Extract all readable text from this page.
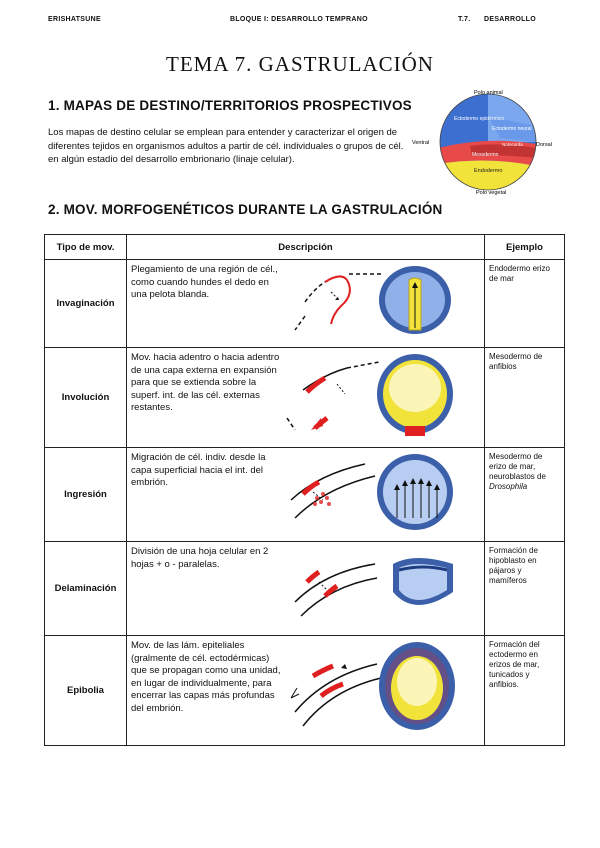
ERISHATSUNE	BLOQUE I: DESARROLLO TEMPRANO	T.7. DESARROLLO
TEMA 7. GASTRULACIÓN
1. MAPAS DE DESTINO/TERRITORIOS PROSPECTIVOS
Los mapas de destino celular se emplean para entender y caracterizar el origen de diferentes tejidos en organismos adultos a partir de cél. individuales o grupos de cél. en algún estadio del desarrollo embrionario (linaje celular).
Polo animal
Polo vegetal
Ventral	Dorsal
Ectodermo epidérmico
Ectodermo neural
Notocorda
Mesodermo
Endodermo
2. MOV. MORFOGENÉTICOS DURANTE LA GASTRULACIÓN
Tipo de mov.	Descripción	Ejemplo
Invaginación	Plegamiento de una región de cél., como cuando hundes el dedo en una pelota blanda.	Endodermo erizo de mar
Involución	Mov. hacia adentro o hacia adentro de una capa externa en expansión para que se extienda sobre la superf. int. de las cél. externas restantes.	Mesodermo de anfibios
Ingresión	Migración de cél. indiv. desde la capa superficial hacia el int. del embrión.	Mesodermo de erizo de mar, neuroblastos de Drosophila
Delaminación	División de una hoja celular en 2 hojas + o - paralelas.	Formación de hipoblasto en pájaros y mamíferos
Epibolia	Mov. de las lám. epiteliales (gralmente de cél. ectodérmicas) que se propagan como una unidad, en lugar de individualmente, para encerrar las capas más profundas del embrión.	Formación del ectodermo en erizos de mar, tunicados y anfibios.
